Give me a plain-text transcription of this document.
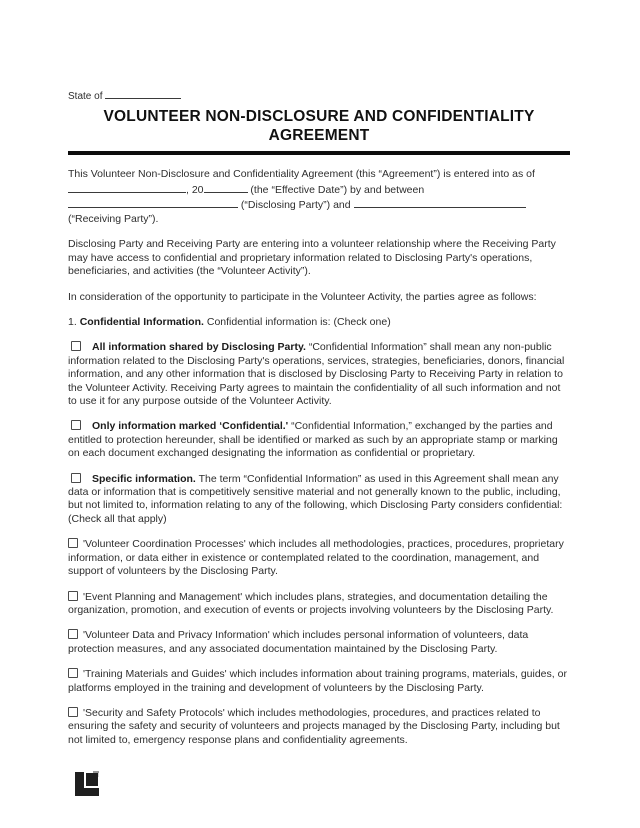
State of
VOLUNTEER NON-DISCLOSURE AND CONFIDENTIALITY
AGREEMENT
This Volunteer Non-Disclosure and Confidentiality Agreement (this “Agreement”) is entered into as of
, 20	(the “Effective Date”) by and between
(“Disclosing Party”) and
(“Receiving Party”).

Disclosing Party and Receiving Party are entering into a volunteer relationship where the Receiving Party may have access to confidential and proprietary information related to Disclosing Party's operations, beneficiaries, and activities (the “Volunteer Activity”).

In consideration of the opportunity to participate in the Volunteer Activity, the parties agree as follows:

1. Confidential Information. Confidential information is: (Check one)

All information shared by Disclosing Party. “Confidential Information” shall mean any non-public information related to the Disclosing Party's operations, services, strategies, beneficiaries, donors, financial information, and any other information that is disclosed by Disclosing Party to Receiving Party in relation to the Volunteer Activity. Receiving Party agrees to maintain the confidentiality of all such information and not to use it for any purpose outside of the Volunteer Activity.

Only information marked ‘Confidential.' “Confidential Information,” exchanged by the parties and entitled to protection hereunder, shall be identified or marked as such by an appropriate stamp or marking on each document exchanged designating the information as confidential or proprietary.

Specific information. The term “Confidential Information” as used in this Agreement shall mean any data or information that is competitively sensitive material and not generally known to the public, including, but not limited to, information relating to any of the following, which Disclosing Party considers confidential: (Check all that apply)

'Volunteer Coordination Processes' which includes all methodologies, practices, procedures, proprietary information, or data either in existence or contemplated related to the coordination, management, and support of volunteers by the Disclosing Party.

'Event Planning and Management' which includes plans, strategies, and documentation detailing the organization, promotion, and execution of events or projects involving volunteers by the Disclosing Party.

'Volunteer Data and Privacy Information' which includes personal information of volunteers, data protection measures, and any associated documentation maintained by the Disclosing Party.

'Training Materials and Guides' which includes information about training programs, materials, guides, or platforms employed in the training and development of volunteers by the Disclosing Party.

'Security and Safety Protocols' which includes methodologies, procedures, and practices related to ensuring the safety and security of volunteers and projects managed by the Disclosing Party, including but not limited to, emergency response plans and confidentiality agreements.
